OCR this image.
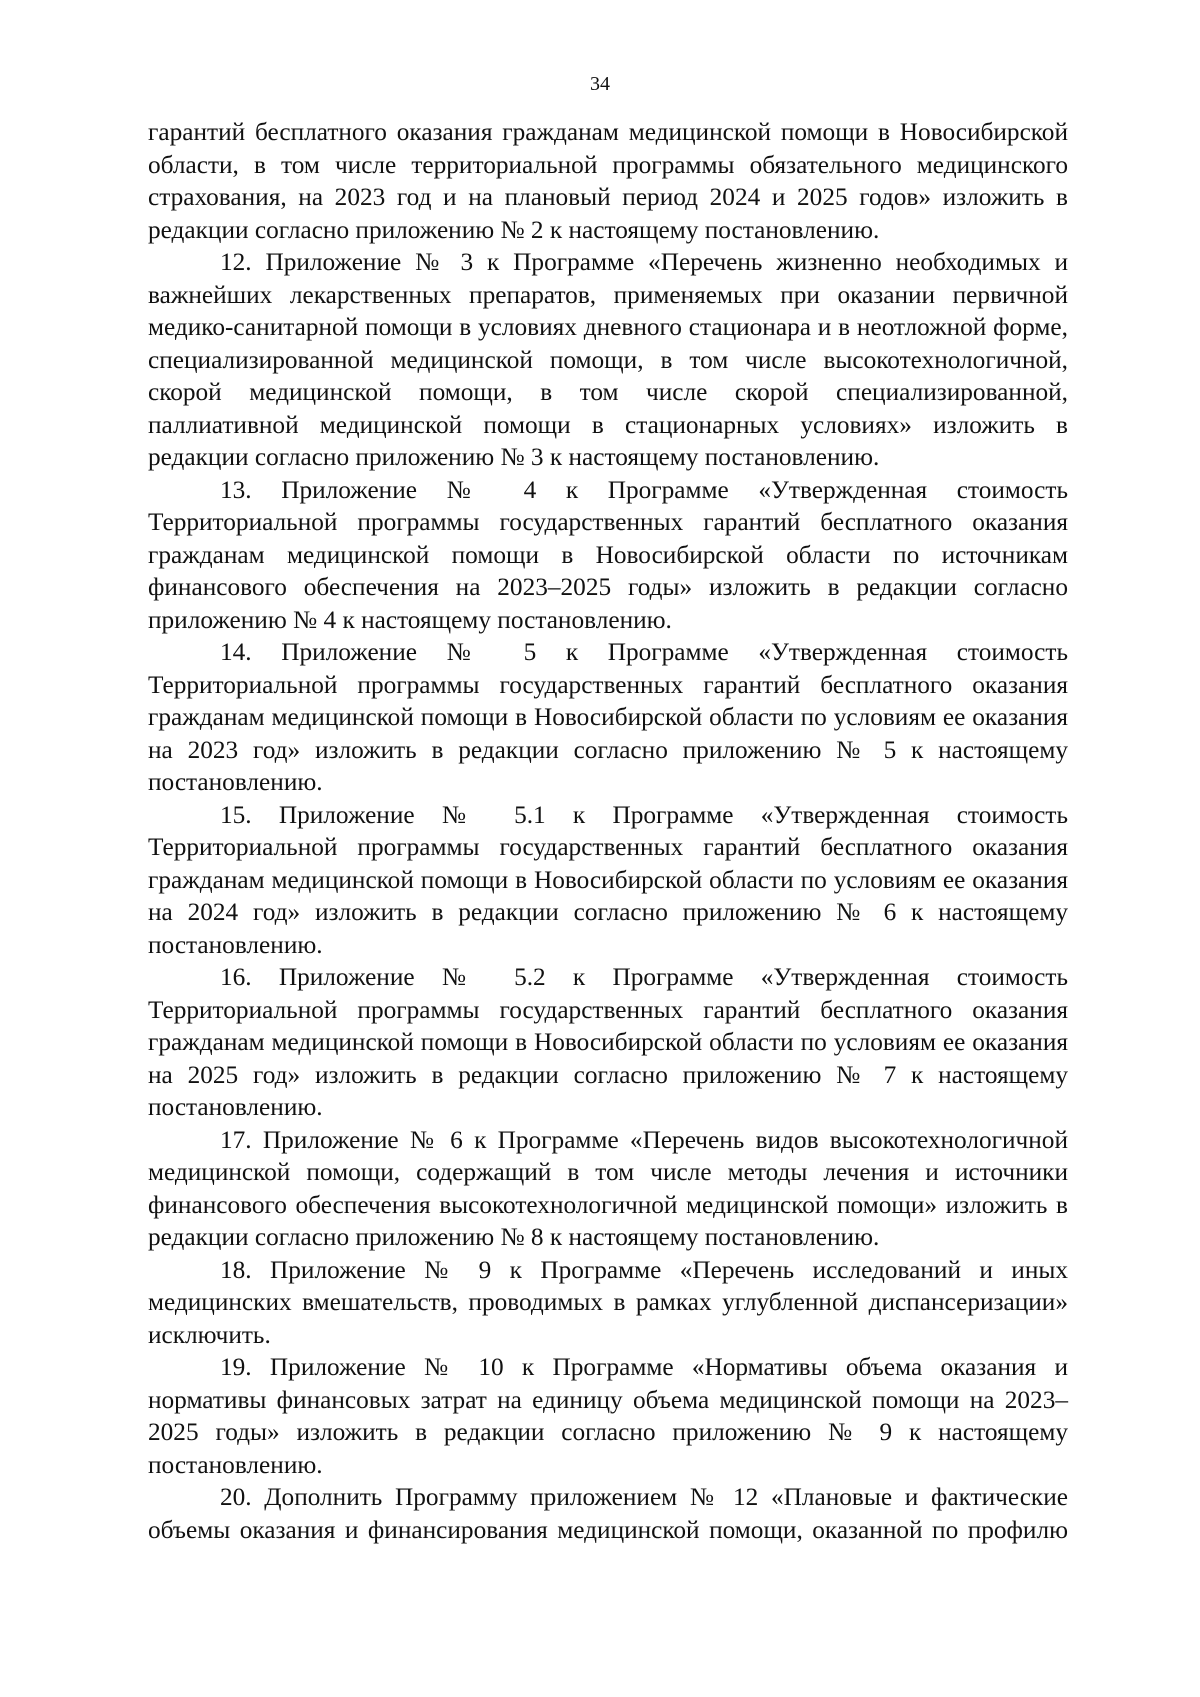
34

гарантий бесплатного оказания гражданам медицинской помощи в Новосибирской области, в том числе территориальной программы обязательного медицинского страхования, на 2023 год и на плановый период 2024 и 2025 годов» изложить в редакции согласно приложению № 2 к настоящему постановлению.

12. Приложение № 3 к Программе «Перечень жизненно необходимых и важнейших лекарственных препаратов, применяемых при оказании первичной медико-санитарной помощи в условиях дневного стационара и в неотложной форме, специализированной медицинской помощи, в том числе высокотехнологичной, скорой медицинской помощи, в том числе скорой специализированной, паллиативной медицинской помощи в стационарных условиях» изложить в редакции согласно приложению № 3 к настоящему постановлению.

13. Приложение № 4 к Программе «Утвержденная стоимость Территориальной программы государственных гарантий бесплатного оказания гражданам медицинской помощи в Новосибирской области по источникам финансового обеспечения на 2023–2025 годы» изложить в редакции согласно приложению № 4 к настоящему постановлению.

14. Приложение № 5 к Программе «Утвержденная стоимость Территориальной программы государственных гарантий бесплатного оказания гражданам медицинской помощи в Новосибирской области по условиям ее оказания на 2023 год» изложить в редакции согласно приложению № 5 к настоящему постановлению.

15. Приложение № 5.1 к Программе «Утвержденная стоимость Территориальной программы государственных гарантий бесплатного оказания гражданам медицинской помощи в Новосибирской области по условиям ее оказания на 2024 год» изложить в редакции согласно приложению № 6 к настоящему постановлению.

16. Приложение № 5.2 к Программе «Утвержденная стоимость Территориальной программы государственных гарантий бесплатного оказания гражданам медицинской помощи в Новосибирской области по условиям ее оказания на 2025 год» изложить в редакции согласно приложению № 7 к настоящему постановлению.

17. Приложение № 6 к Программе «Перечень видов высокотехнологичной медицинской помощи, содержащий в том числе методы лечения и источники финансового обеспечения высокотехнологичной медицинской помощи» изложить в редакции согласно приложению № 8 к настоящему постановлению.

18. Приложение № 9 к Программе «Перечень исследований и иных медицинских вмешательств, проводимых в рамках углубленной диспансеризации» исключить.

19. Приложение № 10 к Программе «Нормативы объема оказания и нормативы финансовых затрат на единицу объема медицинской помощи на 2023–2025 годы» изложить в редакции согласно приложению № 9 к настоящему постановлению.

20. Дополнить Программу приложением № 12 «Плановые и фактические объемы оказания и финансирования медицинской помощи, оказанной по профилю
